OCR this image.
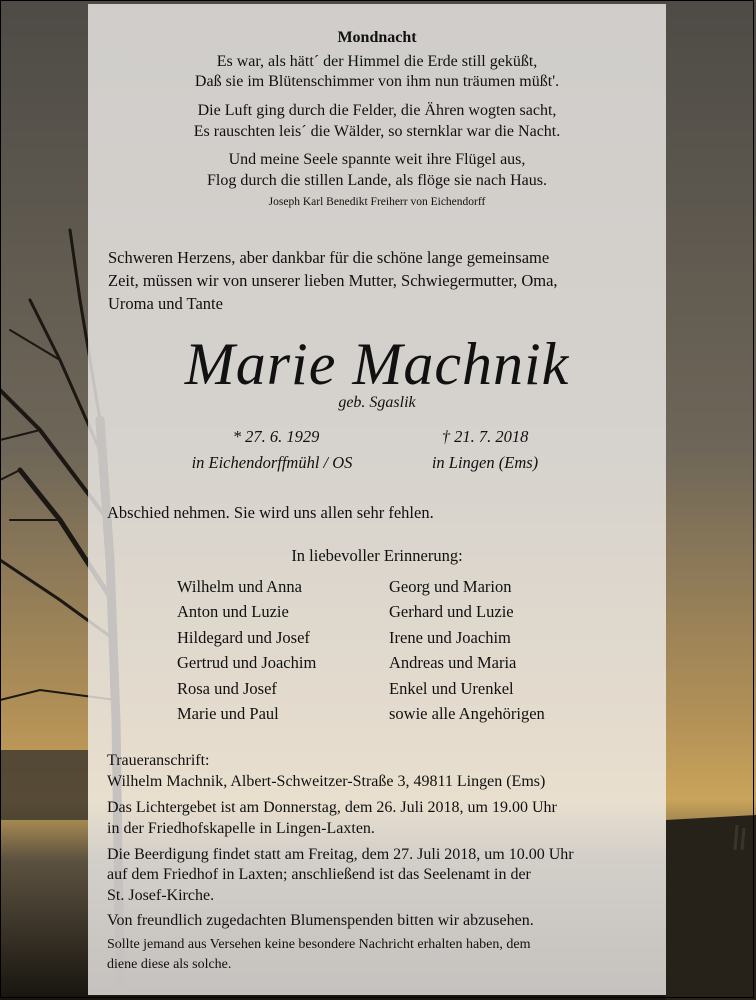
Mondnacht
Es war, als hätt´ der Himmel die Erde still geküßt,
Daß sie im Blütenschimmer von ihm nun träumen müßt'.
Die Luft ging durch die Felder, die Ähren wogten sacht,
Es rauschten leis´ die Wälder, so sternklar war die Nacht.
Und meine Seele spannte weit ihre Flügel aus,
Flog durch die stillen Lande, als flöge sie nach Haus.
Joseph Karl Benedikt Freiherr von Eichendorff
Schweren Herzens, aber dankbar für die schöne lange gemeinsame
Zeit, müssen wir von unserer lieben Mutter, Schwiegermutter, Oma,
Uroma und Tante
Marie Machnik
geb. Sgaslik
* 27. 6. 1929
in Eichendorffmühl / OS
† 21. 7. 2018
in Lingen (Ems)
Abschied nehmen. Sie wird uns allen sehr fehlen.
In liebevoller Erinnerung:
Wilhelm und Anna
Anton und Luzie
Hildegard und Josef
Gertrud und Joachim
Rosa und Josef
Marie und Paul
Georg und Marion
Gerhard und Luzie
Irene und Joachim
Andreas und Maria
Enkel und Urenkel
sowie alle Angehörigen
Traueranschrift:
Wilhelm Machnik, Albert-Schweitzer-Straße 3, 49811 Lingen (Ems)
Das Lichtergebet ist am Donnerstag, dem 26. Juli 2018, um 19.00 Uhr
in der Friedhofskapelle in Lingen-Laxten.
Die Beerdigung findet statt am Freitag, dem 27. Juli 2018, um 10.00 Uhr
auf dem Friedhof in Laxten; anschließend ist das Seelenamt in der
St. Josef-Kirche.
Von freundlich zugedachten Blumenspenden bitten wir abzusehen.
Sollte jemand aus Versehen keine besondere Nachricht erhalten haben, dem
diene diese als solche.
